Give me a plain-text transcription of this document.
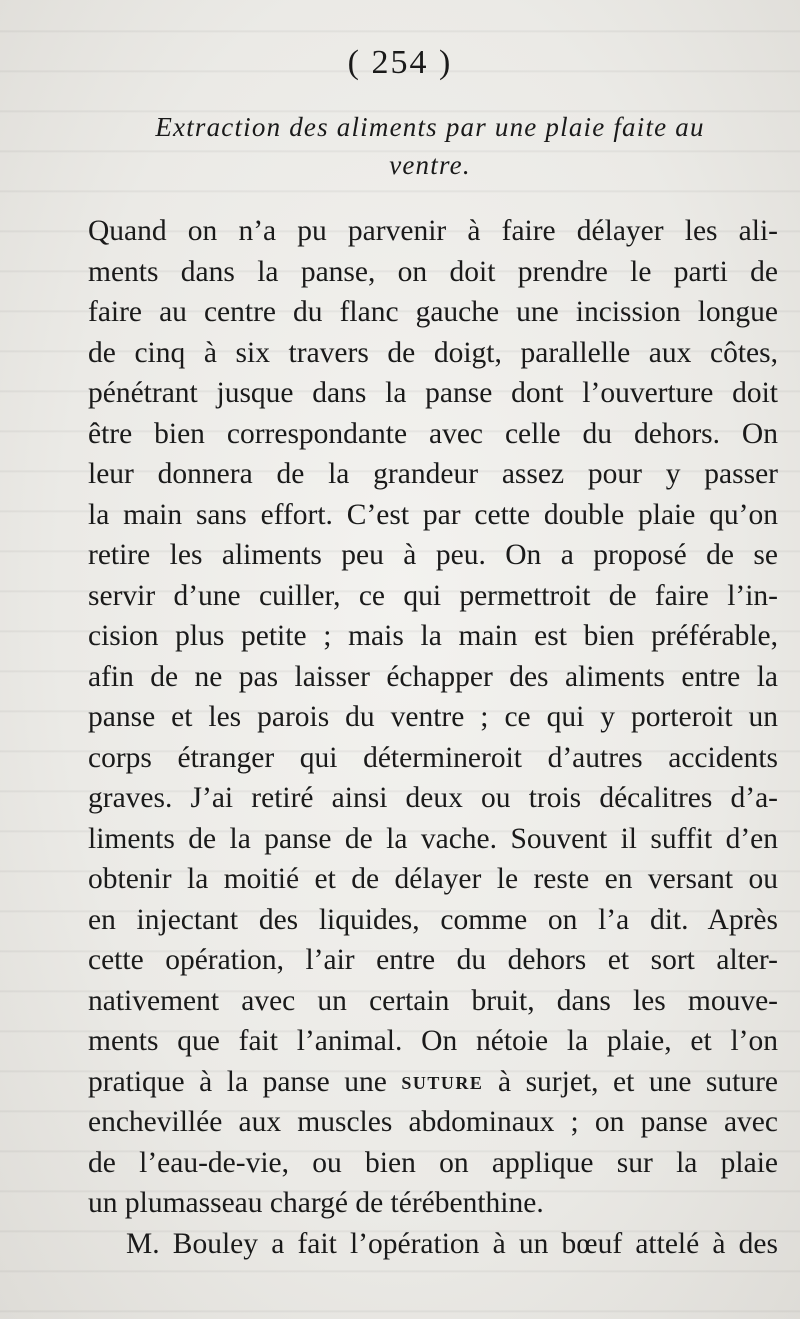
( 254 )
Extraction des aliments par une plaie faite au
ventre.
Quand on n’a pu parvenir à faire délayer les ali-
ments dans la panse, on doit prendre le parti de
faire au centre du flanc gauche une incission longue
de cinq à six travers de doigt, parallelle aux côtes,
pénétrant jusque dans la panse dont l’ouverture doit
être bien correspondante avec celle du dehors. On
leur donnera de la grandeur assez pour y passer
la main sans effort. C’est par cette double plaie qu’on
retire les aliments peu à peu. On a proposé de se
servir d’une cuiller, ce qui permettroit de faire l’in-
cision plus petite ; mais la main est bien préférable,
afin de ne pas laisser échapper des aliments entre la
panse et les parois du ventre ; ce qui y porteroit un
corps étranger qui détermineroit d’autres accidents
graves. J’ai retiré ainsi deux ou trois décalitres d’a-
liments de la panse de la vache. Souvent il suffit d’en
obtenir la moitié et de délayer le reste en versant ou
en injectant des liquides, comme on l’a dit. Après
cette opération, l’air entre du dehors et sort alter-
nativement avec un certain bruit, dans les mouve-
ments que fait l’animal. On nétoie la plaie, et l’on
pratique à la panse une SUTURE à surjet, et une suture
enchevillée aux muscles abdominaux ; on panse avec
de l’eau-de-vie, ou bien on applique sur la plaie
un plumasseau chargé de térébenthine.
M. Bouley a fait l’opération à un bœuf attelé à des
